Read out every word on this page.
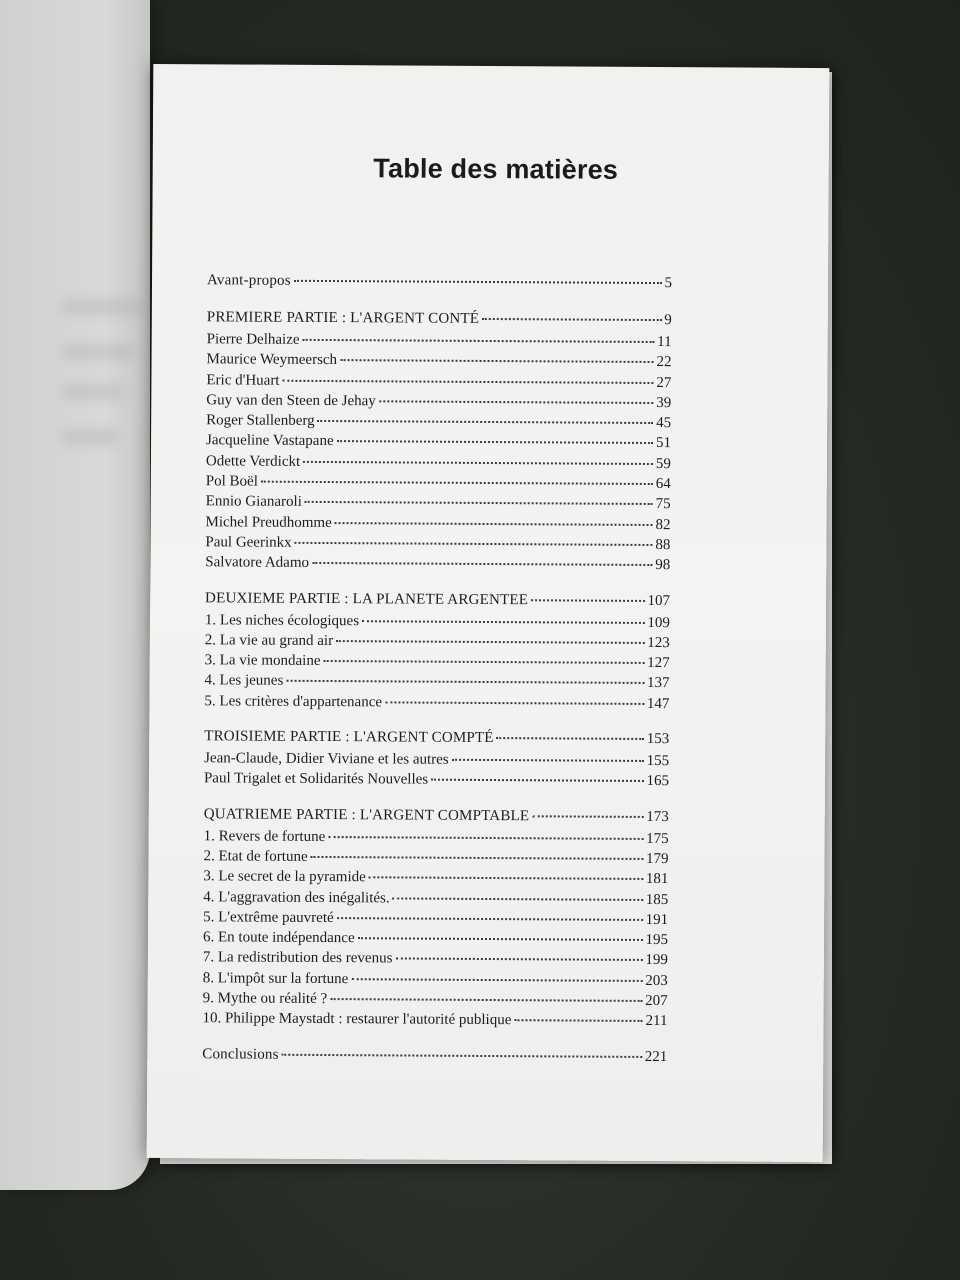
Table des matières
Avant-propos	5
PREMIERE PARTIE : L'ARGENT CONTÉ	9
Pierre Delhaize	11
Maurice Weymeersch	22
Eric d'Huart	27
Guy van den Steen de Jehay	39
Roger Stallenberg	45
Jacqueline Vastapane	51
Odette Verdickt	59
Pol Boël	64
Ennio Gianaroli	75
Michel Preudhomme	82
Paul Geerinkx	88
Salvatore Adamo	98
DEUXIEME PARTIE : LA PLANETE ARGENTEE	107
1. Les niches écologiques	109
2. La vie au grand air	123
3. La vie mondaine	127
4. Les jeunes	137
5. Les critères d'appartenance	147
TROISIEME PARTIE : L'ARGENT COMPTÉ	153
Jean-Claude, Didier Viviane et les autres	155
Paul Trigalet et Solidarités Nouvelles	165
QUATRIEME PARTIE : L'ARGENT COMPTABLE	173
1. Revers de fortune	175
2. Etat de fortune	179
3. Le secret de la pyramide	181
4. L'aggravation des inégalités.	185
5. L'extrême pauvreté	191
6. En toute indépendance	195
7. La redistribution des revenus	199
8. L'impôt sur la fortune	203
9. Mythe ou réalité ?	207
10. Philippe Maystadt : restaurer l'autorité publique	211
Conclusions	221
